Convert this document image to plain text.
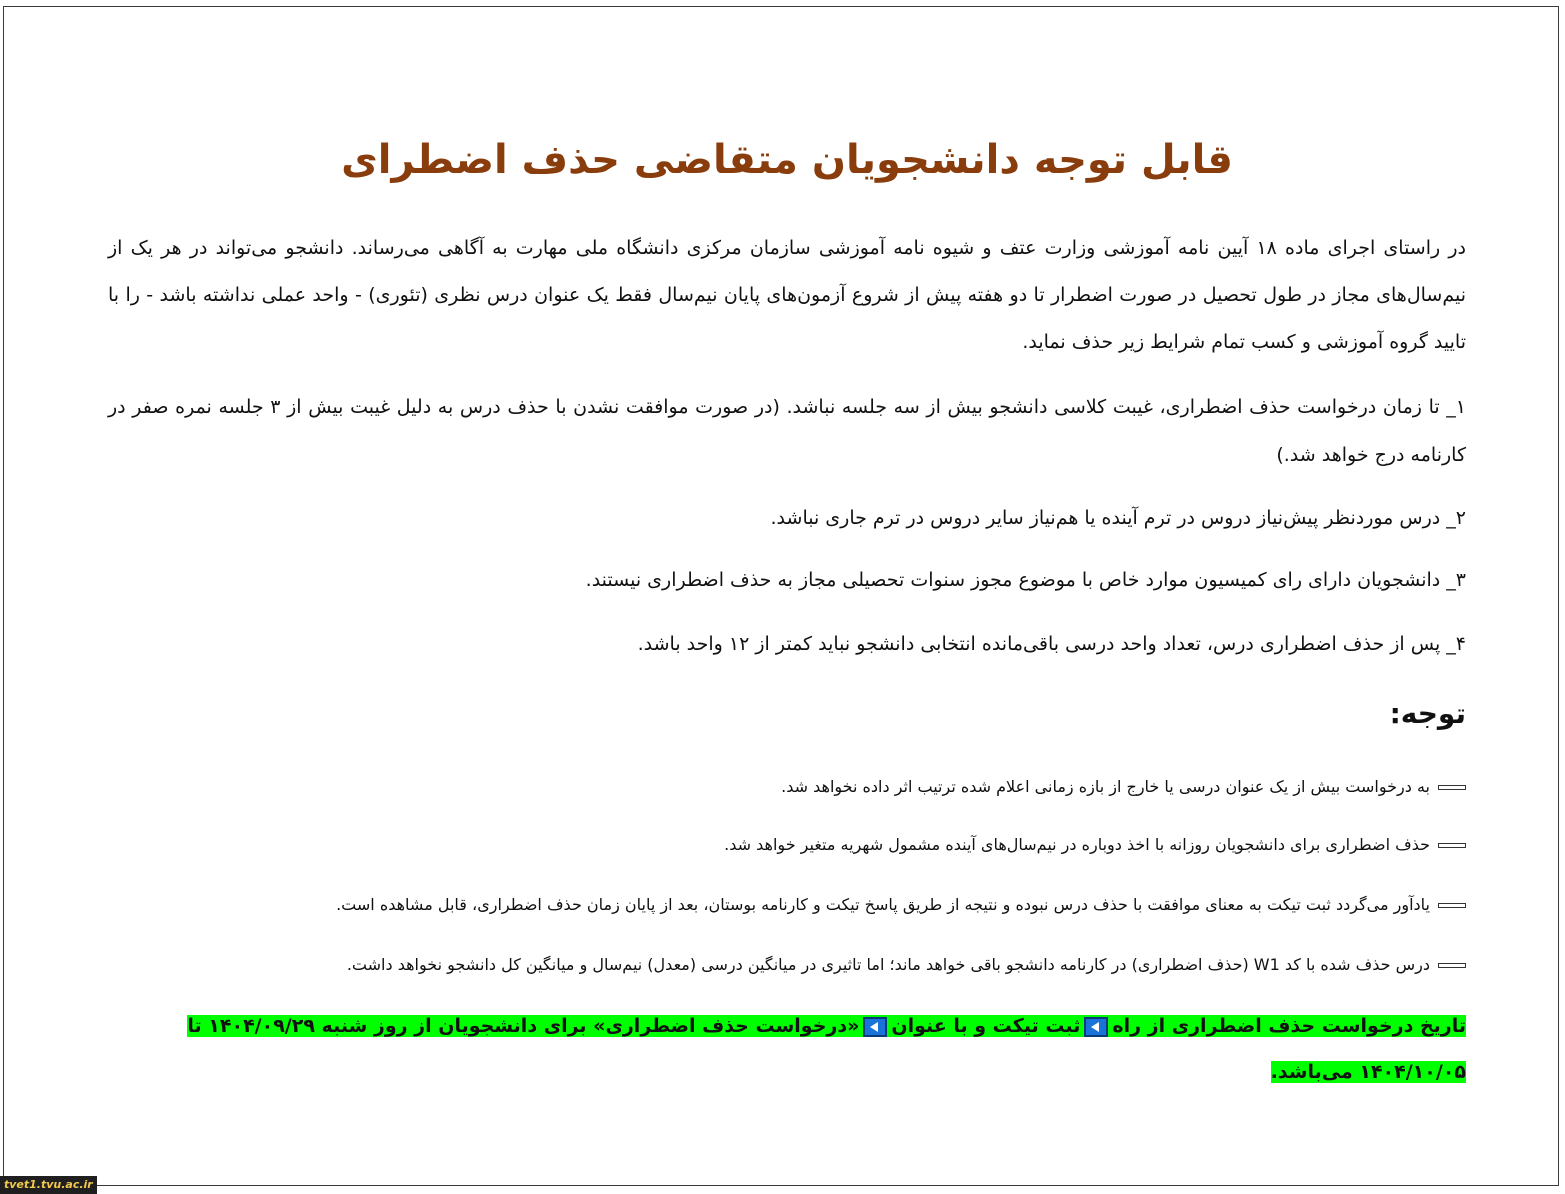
قابل توجه دانشجویان متقاضی حذف اضطرای
در راستای اجرای ماده ۱۸ آیین نامه آموزشی وزارت عتف و شیوه نامه آموزشی سازمان مرکزی دانشگاه ملی مهارت به آگاهی می‌رساند. دانشجو می‌تواند در هر یک از نیم‌سال‌های مجاز در طول تحصیل در صورت اضطرار تا دو هفته پیش از شروع آزمون‌های پایان نیم‌سال فقط یک عنوان درس نظری (تئوری) - واحد عملی نداشته باشد - را با تایید گروه آموزشی و کسب تمام شرایط زیر حذف نماید.
۱_ تا زمان درخواست حذف اضطراری، غیبت کلاسی دانشجو بیش از سه جلسه نباشد. (در صورت موافقت نشدن با حذف درس به دلیل غیبت بیش از ۳ جلسه نمره صفر در کارنامه درج خواهد شد.)
۲_ درس موردنظر پیش‌نیاز دروس در ترم آینده یا هم‌نیاز سایر دروس در ترم جاری نباشد.
۳_ دانشجویان دارای رای کمیسیون موارد خاص با موضوع مجوز سنوات تحصیلی مجاز به حذف اضطراری نیستند.
۴_ پس از حذف اضطراری درس، تعداد واحد درسی باقی‌مانده انتخابی دانشجو نباید کمتر از ۱۲ واحد باشد.
توجه:
به درخواست بیش از یک عنوان درسی یا خارج از بازه زمانی اعلام شده ترتیب اثر داده نخواهد شد.
حذف اضطراری برای دانشجویان روزانه با اخذ دوباره در نیم‌سال‌های آینده مشمول شهریه متغیر خواهد شد.
یادآور می‌گردد ثبت تیکت به معنای موافقت با حذف درس نبوده و نتیجه از طریق پاسخ تیکت و کارنامه بوستان، بعد از پایان زمان حذف اضطراری، قابل مشاهده است.
درس حذف شده با کد W1 (حذف اضطراری) در کارنامه دانشجو باقی خواهد ماند؛ اما تاثیری در میانگین درسی (معدل) نیم‌سال و میانگین کل دانشجو نخواهد داشت.
تاریخ درخواست حذف اضطراری از راهثبت تیکت و با عنوان«درخواست حذف اضطراری» برای دانشجویان از روز شنبه ۱۴۰۴/۰۹/۲۹ تا ۱۴۰۴/۱۰/۰۵ می‌باشد.
tvet1.tvu.ac.ir
